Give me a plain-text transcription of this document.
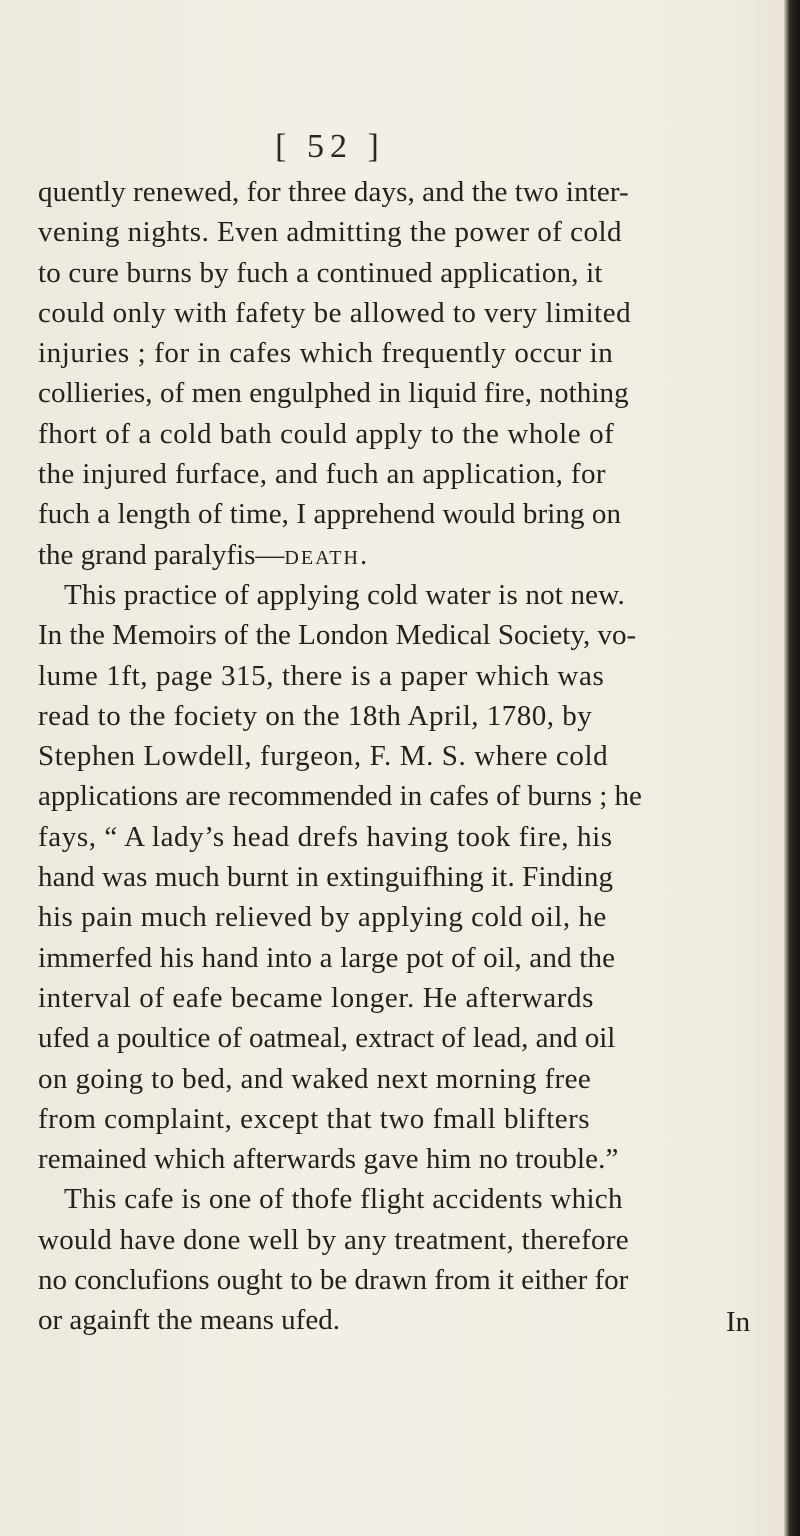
[ 52 ]
quently renewed, for three days, and the two inter-
vening nights. Even admitting the power of cold
to cure burns by fuch a continued application, it
could only with fafety be allowed to very limited
injuries ; for in cafes which frequently occur in
collieries, of men engulphed in liquid fire, nothing
fhort of a cold bath could apply to the whole of
the injured furface, and fuch an application, for
fuch a length of time, I apprehend would bring on
the grand paralyfis—death.
This practice of applying cold water is not new.
In the Memoirs of the London Medical Society, vo-
lume 1ft, page 315, there is a paper which was
read to the fociety on the 18th April, 1780, by
Stephen Lowdell, furgeon, F. M. S. where cold
applications are recommended in cafes of burns ; he
fays, “ A lady’s head drefs having took fire, his
hand was much burnt in extinguifhing it. Finding
his pain much relieved by applying cold oil, he
immerfed his hand into a large pot of oil, and the
interval of eafe became longer. He afterwards
ufed a poultice of oatmeal, extract of lead, and oil
on going to bed, and waked next morning free
from complaint, except that two fmall blifters
remained which afterwards gave him no trouble.”
This cafe is one of thofe flight accidents which
would have done well by any treatment, therefore
no conclufions ought to be drawn from it either for
or againft the means ufed.	In
